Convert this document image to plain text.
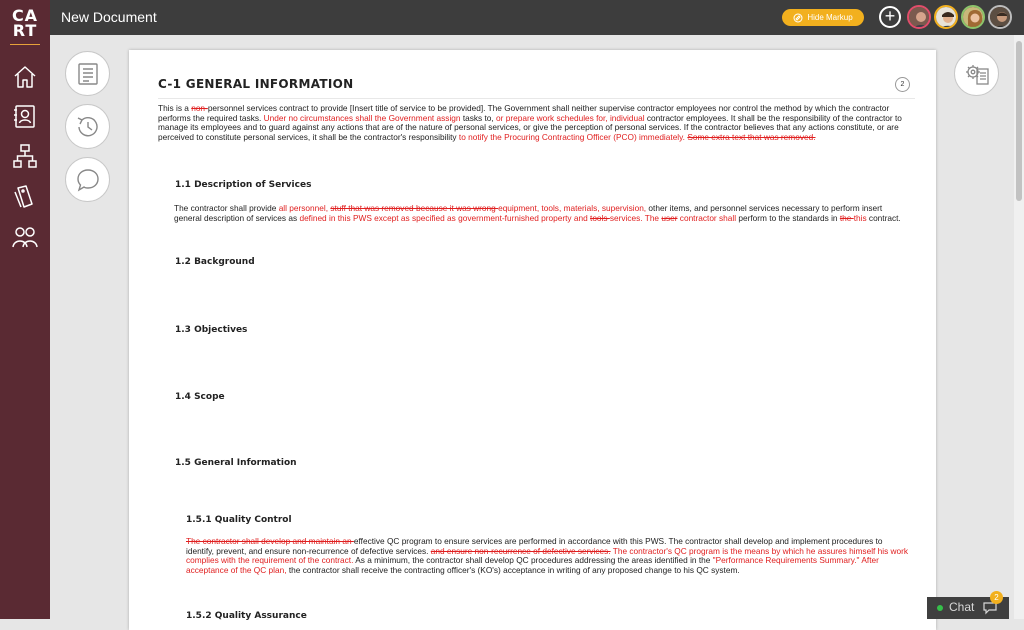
CA
RT
New Document	Hide Markup	+
C-1 GENERAL INFORMATION	2
This is a non-personnel services contract to provide [Insert title of service to be provided]. The Government shall neither supervise contractor employees nor control the method by which the contractor performs the required tasks. Under no circumstances shall the Government assign tasks to, or prepare work schedules for, individual contractor employees. It shall be the responsibility of the contractor to manage its employees and to guard against any actions that are of the nature of personal services, or give the perception of personal services. If the contractor believes that any actions constitute, or are perceived to constitute personal services, it shall be the contractor's responsibility to notify the Procuring Contracting Officer (PCO) immediately. Some extra text that was removed.
1.1 Description of Services
The contractor shall provide all personnel, stuff that was removed because it was wrong equipment, tools, materials, supervision, other items, and personnel services necessary to perform insert general description of services as defined in this PWS except as specified as government-furnished property and tools services. The user contractor shall perform to the standards in the this contract.
1.2 Background
1.3 Objectives
1.4 Scope
1.5 General Information
1.5.1 Quality Control
The contractor shall develop and maintain an effective QC program to ensure services are performed in accordance with this PWS. The contractor shall develop and implement procedures to identify, prevent, and ensure non-recurrence of defective services. and ensure non-recurrence of defective services. The contractor's QC program is the means by which he assures himself his work complies with the requirement of the contract. As a minimum, the contractor shall develop QC procedures addressing the areas identified in the "Performance Requirements Summary." After acceptance of the QC plan, the contractor shall receive the contracting officer's (KO's) acceptance in writing of any proposed change to his QC system.
1.5.2 Quality Assurance
Chat
2
